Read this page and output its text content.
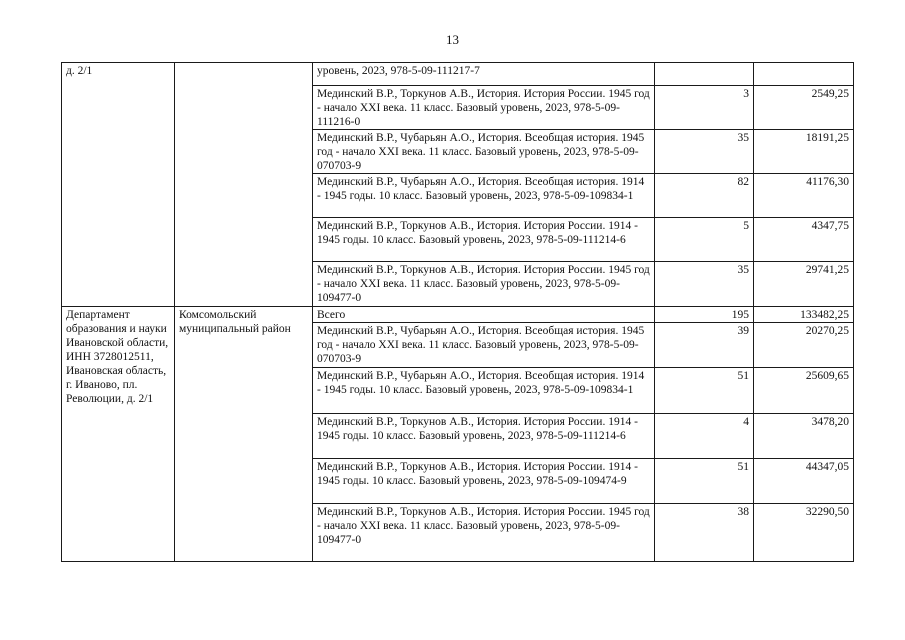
13
д. 2/1		уровень, 2023, 978-5-09-111217-7		
		Мединский В.Р., Торкунов А.В., История. История России. 1945 год - начало XXI века. 11 класс. Базовый уровень, 2023, 978-5-09-111216-0	3	2549,25
		Мединский В.Р., Чубарьян А.О., История. Всеобщая история. 1945 год - начало XXI века. 11 класс. Базовый уровень, 2023, 978-5-09-070703-9	35	18191,25
		Мединский В.Р., Чубарьян А.О., История. Всеобщая история. 1914 - 1945 годы. 10 класс. Базовый уровень, 2023, 978-5-09-109834-1	82	41176,30
		Мединский В.Р., Торкунов А.В., История. История России. 1914 - 1945 годы. 10 класс. Базовый уровень, 2023, 978-5-09-111214-6	5	4347,75
		Мединский В.Р., Торкунов А.В., История. История России. 1945 год - начало XXI века. 11 класс. Базовый уровень, 2023, 978-5-09-109477-0	35	29741,25
Департамент образования и науки Ивановской области, ИНН 3728012511, Ивановская область, г. Иваново, пл. Революции, д. 2/1	Комсомольский муниципальный район	Всего	195	133482,25
		Мединский В.Р., Чубарьян А.О., История. Всеобщая история. 1945 год - начало XXI века. 11 класс. Базовый уровень, 2023, 978-5-09-070703-9	39	20270,25
		Мединский В.Р., Чубарьян А.О., История. Всеобщая история. 1914 - 1945 годы. 10 класс. Базовый уровень, 2023, 978-5-09-109834-1	51	25609,65
		Мединский В.Р., Торкунов А.В., История. История России. 1914 - 1945 годы. 10 класс. Базовый уровень, 2023, 978-5-09-111214-6	4	3478,20
		Мединский В.Р., Торкунов А.В., История. История России. 1914 - 1945 годы. 10 класс. Базовый уровень, 2023, 978-5-09-109474-9	51	44347,05
		Мединский В.Р., Торкунов А.В., История. История России. 1945 год - начало XXI века. 11 класс. Базовый уровень, 2023, 978-5-09-109477-0	38	32290,50
